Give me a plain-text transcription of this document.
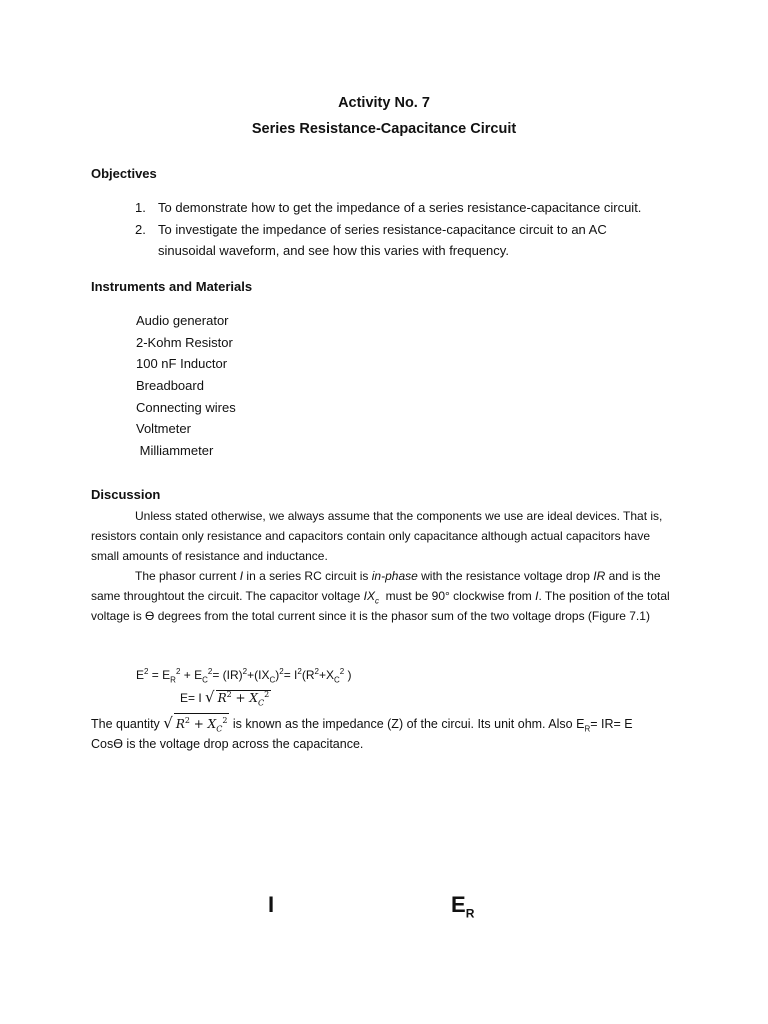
Activity No. 7
Series Resistance-Capacitance Circuit
Objectives
1. To demonstrate how to get the impedance of a series resistance-capacitance circuit.
2. To investigate the impedance of series resistance-capacitance circuit to an AC
sinusoidal waveform, and see how this varies with frequency.
Instruments and Materials
Audio generator
2-Kohm Resistor
100 nF Inductor
Breadboard
Connecting wires
Voltmeter
Milliammeter
Discussion
Unless stated otherwise, we always assume that the components we use are ideal devices. That is, resistors contain only resistance and capacitors contain only capacitance although actual capacitors have small amounts of resistance and inductance.
The phasor current I in a series RC circuit is in-phase with the resistance voltage drop IR and is the same throughtout the circuit. The capacitor voltage $IX_c$  must be 90° clockwise from I. The position of the total voltage is Ɵ degrees from the total current since it is the phasor sum of the two voltage drops (Figure 7.1)
$E^2 = E_R^2 + E_C^2= (IR)^2+(IX_C)^2= I^2(R^2+X_C^2$ )
E= I √ $R^2 + X_C^2$
The quantity √ $R^2 + X_C^2$ is known as the impedance (Z) of the circui. Its unit ohm. Also $E_R= IR= E$
CosƟ is the voltage drop across the capacitance.
I	$E_R$
